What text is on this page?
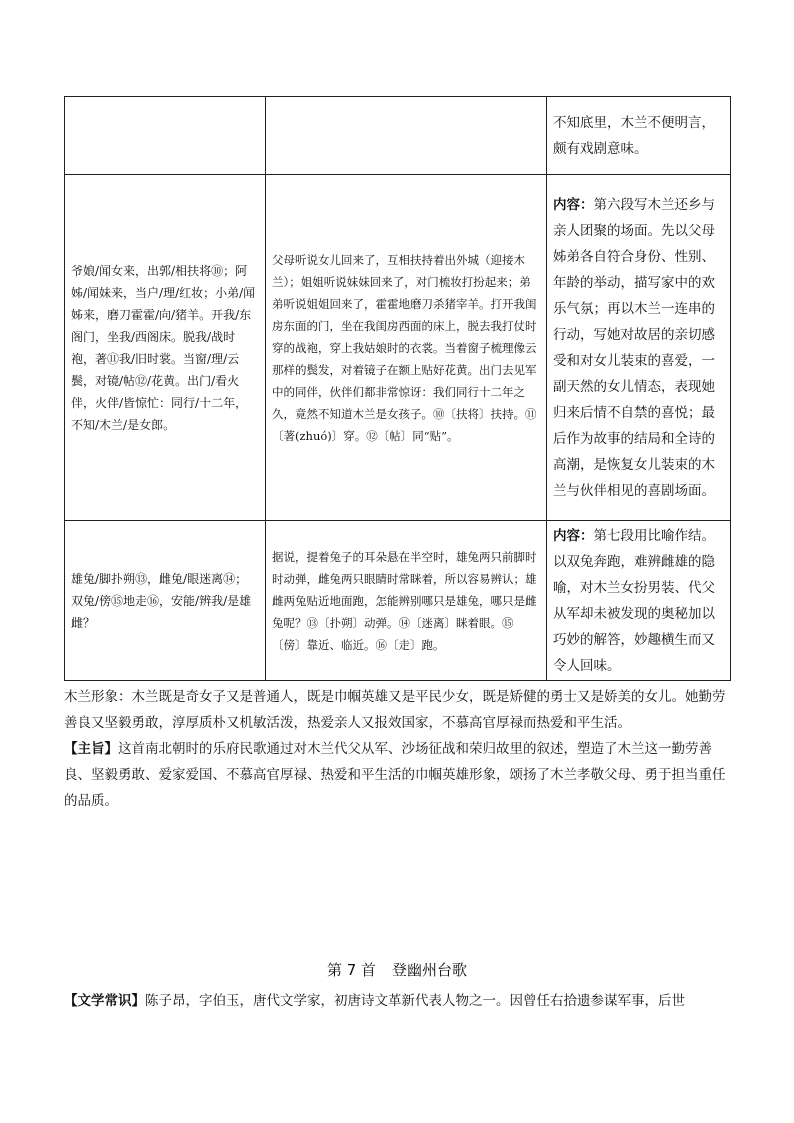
		不知底里，木兰不便明言，颇有戏剧意味。
爷娘/闻女来，出郭/相扶将⑩；阿姊/闻妹来，当户/理/红妆；小弟/闻姊来，磨刀霍霍/向/猪羊。开我/东阁门，坐我/西阁床。脱我/战时袍，著⑪我/旧时裳。当窗/理/云鬓，对镜/帖⑫/花黄。出门/看火伴，火伴/皆惊忙：同行/十二年，不知/木兰/是女郎。	父母听说女儿回来了，互相扶持着出外城（迎接木兰）；姐姐听说妹妹回来了，对门梳妆打扮起来；弟弟听说姐姐回来了，霍霍地磨刀杀猪宰羊。打开我闺房东面的门，坐在我闺房西面的床上，脱去我打仗时穿的战袍，穿上我姑娘时的衣裳。当着窗子梳理像云那样的鬓发，对着镜子在额上贴好花黄。出门去见军中的同伴，伙伴们都非常惊讶：我们同行十二年之久，竟然不知道木兰是女孩子。⑩〔扶将〕扶持。⑪〔著(zhuó)〕穿。⑫〔帖〕同“贴”。	内容：第六段写木兰还乡与亲人团聚的场面。先以父母姊弟各自符合身份、性别、年龄的举动，描写家中的欢乐气氛；再以木兰一连串的行动，写她对故居的亲切感受和对女儿装束的喜爱，一副天然的女儿情态，表现她归来后情不自禁的喜悦；最后作为故事的结局和全诗的高潮，是恢复女儿装束的木兰与伙伴相见的喜剧场面。
雄兔/脚扑朔⑬，雌兔/眼迷离⑭；双兔/傍⑮地走⑯，安能/辨我/是雄雌？	据说，提着兔子的耳朵悬在半空时，雄兔两只前脚时时动弹，雌兔两只眼睛时常眯着，所以容易辨认；雄雌两兔贴近地面跑，怎能辨别哪只是雄兔，哪只是雌兔呢？⑬〔扑朔〕动弹。⑭〔迷离〕眯着眼。⑮〔傍〕靠近、临近。⑯〔走〕跑。	内容：第七段用比喻作结。以双兔奔跑，难辨雌雄的隐喻，对木兰女扮男装、代父从军却未被发现的奥秘加以巧妙的解答，妙趣横生而又令人回味。

木兰形象：木兰既是奇女子又是普通人，既是巾帼英雄又是平民少女，既是矫健的勇士又是娇美的女儿。她勤劳善良又坚毅勇敢，淳厚质朴又机敏活泼，热爱亲人又报效国家，不慕高官厚禄而热爱和平生活。

【主旨】这首南北朝时的乐府民歌通过对木兰代父从军、沙场征战和荣归故里的叙述，塑造了木兰这一勤劳善良、坚毅勇敢、爱家爱国、不慕高官厚禄、热爱和平生活的巾帼英雄形象，颂扬了木兰孝敬父母、勇于担当重任的品质。

第 7 首 登幽州台歌

【文学常识】陈子昂，字伯玉，唐代文学家，初唐诗文革新代表人物之一。因曾任右拾遗参谋军事，后世
